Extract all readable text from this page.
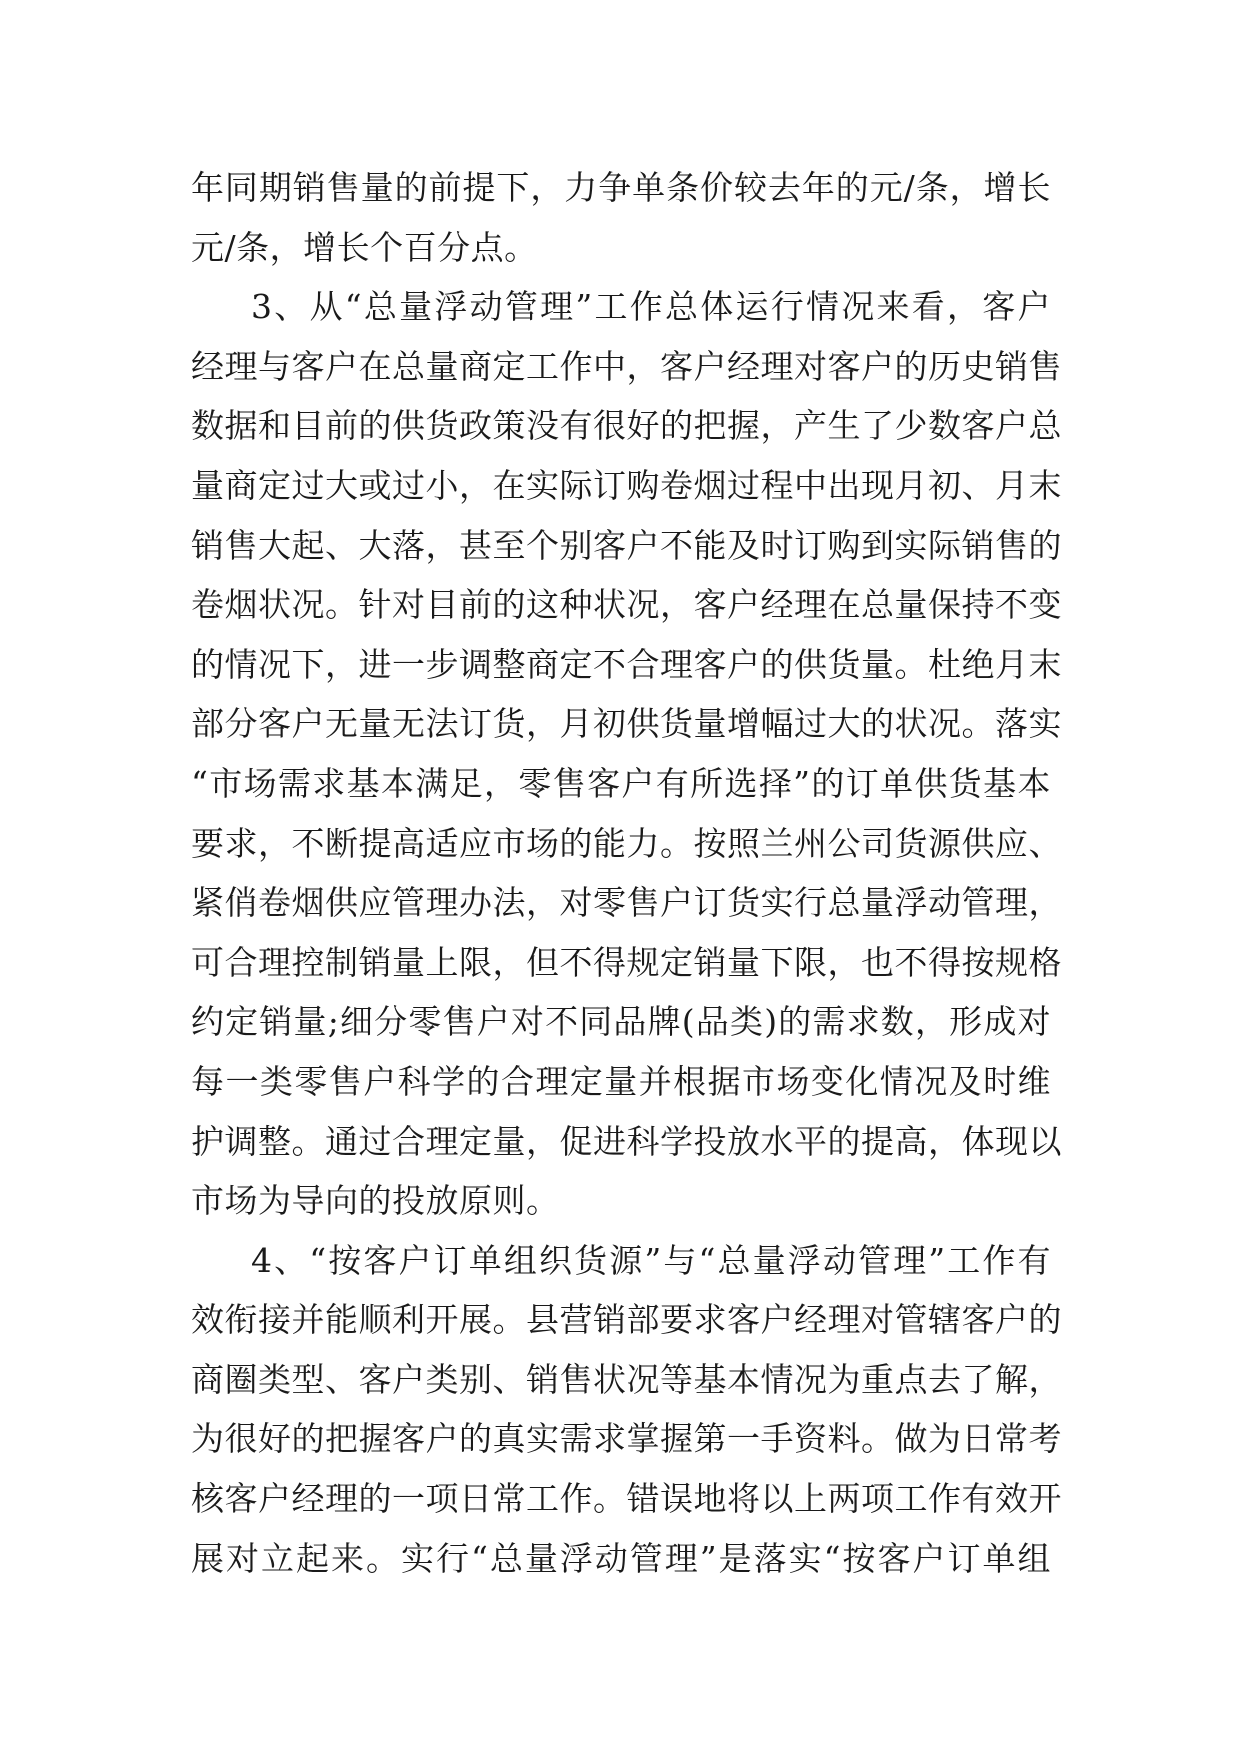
年同期销售量的前提下，力争单条价较去年的元/条，增长
元/条，增长个百分点。
3、从“总量浮动管理”工作总体运行情况来看，客户
经理与客户在总量商定工作中，客户经理对客户的历史销售
数据和目前的供货政策没有很好的把握，产生了少数客户总
量商定过大或过小，在实际订购卷烟过程中出现月初、月末
销售大起、大落，甚至个别客户不能及时订购到实际销售的
卷烟状况。针对目前的这种状况，客户经理在总量保持不变
的情况下，进一步调整商定不合理客户的供货量。杜绝月末
部分客户无量无法订货，月初供货量增幅过大的状况。落实
“市场需求基本满足，零售客户有所选择”的订单供货基本
要求，不断提高适应市场的能力。按照兰州公司货源供应、
紧俏卷烟供应管理办法，对零售户订货实行总量浮动管理，
可合理控制销量上限，但不得规定销量下限，也不得按规格
约定销量;细分零售户对不同品牌(品类)的需求数，形成对
每一类零售户科学的合理定量并根据市场变化情况及时维
护调整。通过合理定量，促进科学投放水平的提高，体现以
市场为导向的投放原则。
4、“按客户订单组织货源”与“总量浮动管理”工作有
效衔接并能顺利开展。县营销部要求客户经理对管辖客户的
商圈类型、客户类别、销售状况等基本情况为重点去了解，
为很好的把握客户的真实需求掌握第一手资料。做为日常考
核客户经理的一项日常工作。错误地将以上两项工作有效开
展对立起来。实行“总量浮动管理”是落实“按客户订单组
